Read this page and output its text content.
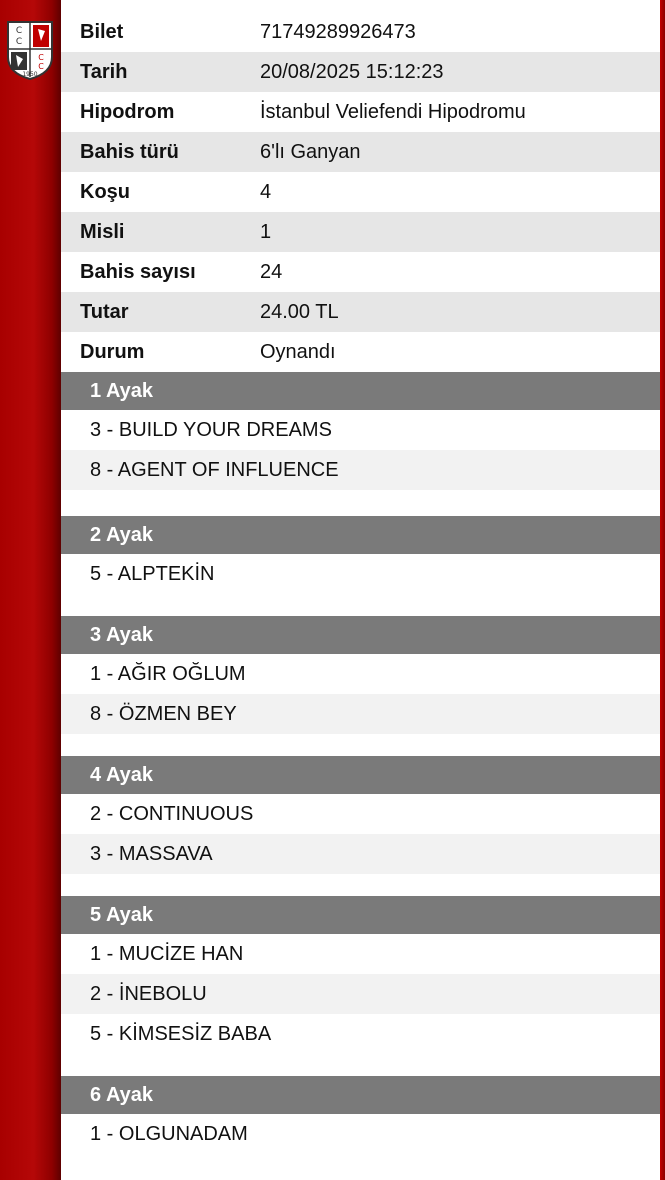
C
C
C
C
1950
Bilet	71749289926473
Tarih	20/08/2025 15:12:23
Hipodrom	İstanbul Veliefendi Hipodromu
Bahis türü	6'lı Ganyan
Koşu	4
Misli	1
Bahis sayısı	24
Tutar	24.00 TL
Durum	Oynandı
1 Ayak
3 - BUILD YOUR DREAMS
8 - AGENT OF INFLUENCE
2 Ayak
5 - ALPTEKİN
3 Ayak
1 - AĞIR OĞLUM
8 - ÖZMEN BEY
4 Ayak
2 - CONTINUOUS
3 - MASSAVA
5 Ayak
1 - MUCİZE HAN
2 - İNEBOLU
5 - KİMSESİZ BABA
6 Ayak
1 - OLGUNADAM
